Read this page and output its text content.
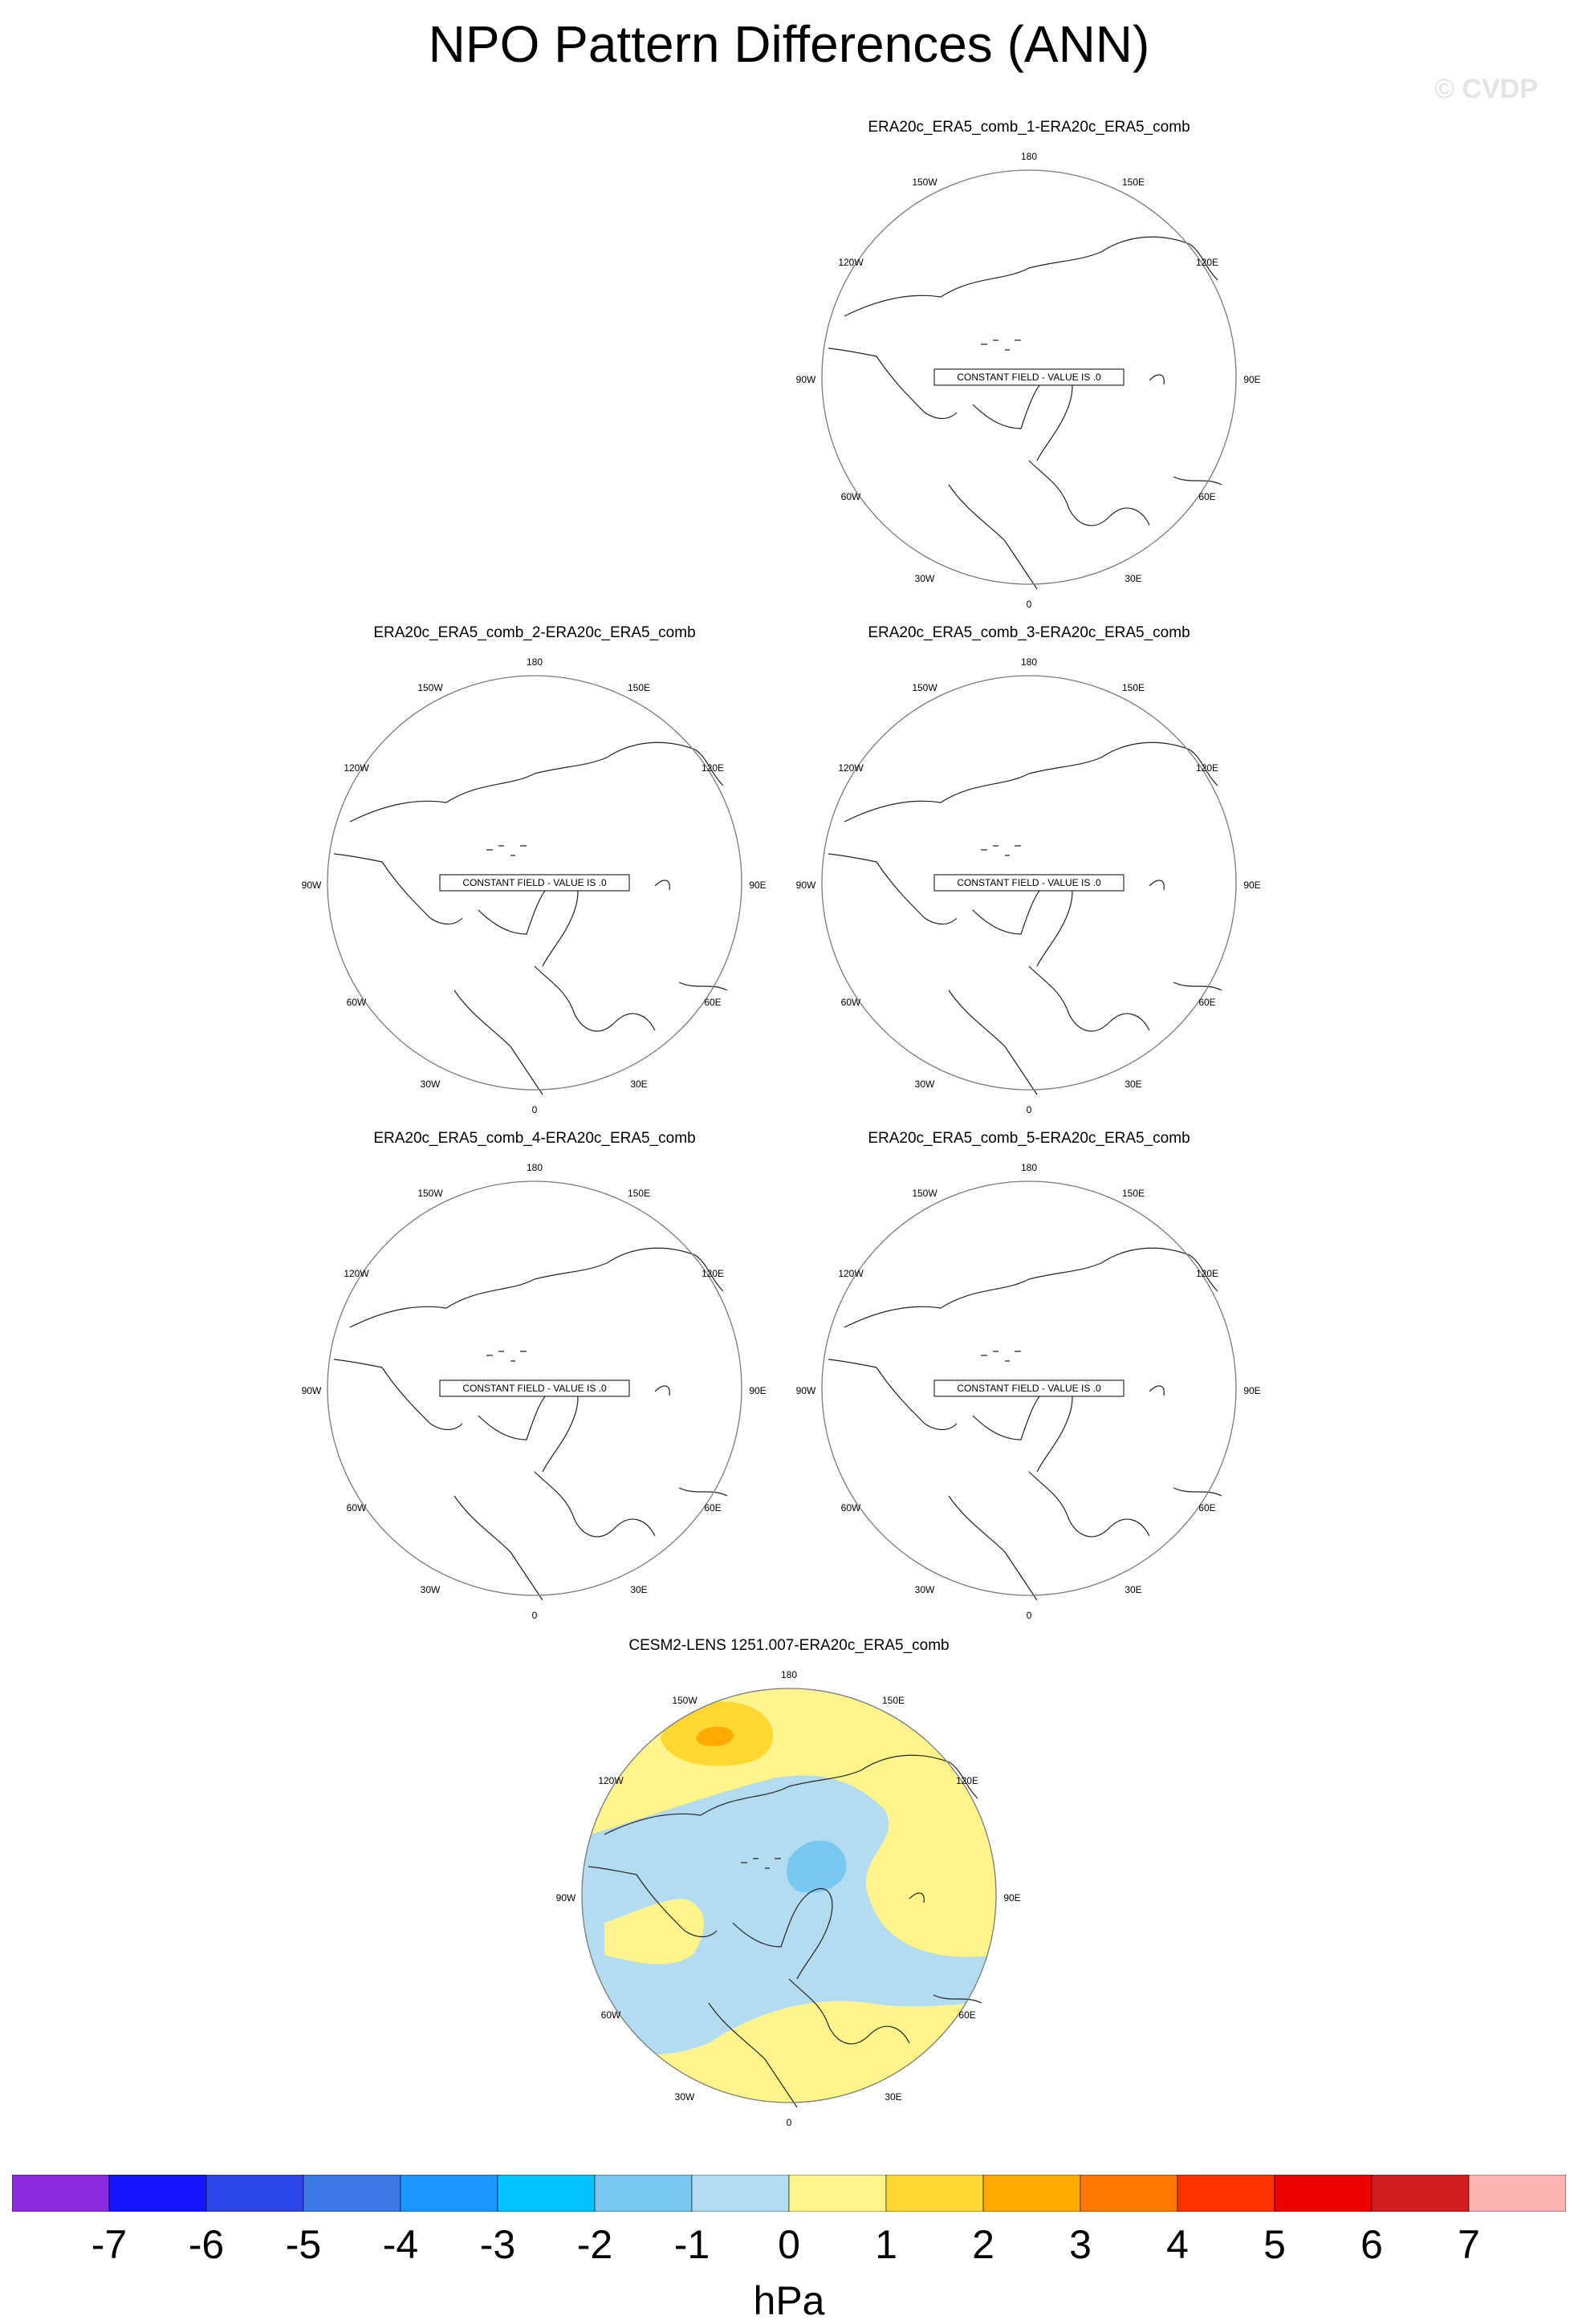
NPO Pattern Differences (ANN)
© CVDP
ERA20c_ERA5_comb_1-ERA20c_ERA5_comb
180
150E
120E
90E
60E
30E
0
30W
60W
90W
120W
150W
CONSTANT FIELD - VALUE IS .0
ERA20c_ERA5_comb_2-ERA20c_ERA5_comb
180
150E
120E
90E
60E
30E
0
30W
60W
90W
120W
150W
CONSTANT FIELD - VALUE IS .0
ERA20c_ERA5_comb_3-ERA20c_ERA5_comb
180
150E
120E
90E
60E
30E
0
30W
60W
90W
120W
150W
CONSTANT FIELD - VALUE IS .0
ERA20c_ERA5_comb_4-ERA20c_ERA5_comb
180
150E
120E
90E
60E
30E
0
30W
60W
90W
120W
150W
CONSTANT FIELD - VALUE IS .0
ERA20c_ERA5_comb_5-ERA20c_ERA5_comb
180
150E
120E
90E
60E
30E
0
30W
60W
90W
120W
150W
CONSTANT FIELD - VALUE IS .0
CESM2-LENS 1251.007-ERA20c_ERA5_comb
180
150E
120E
90E
60E
30E
0
30W
60W
90W
120W
150W
-7	-6	-5	-4	-3	-2	-1	0	1	2	3	4	5	6	7
hPa
